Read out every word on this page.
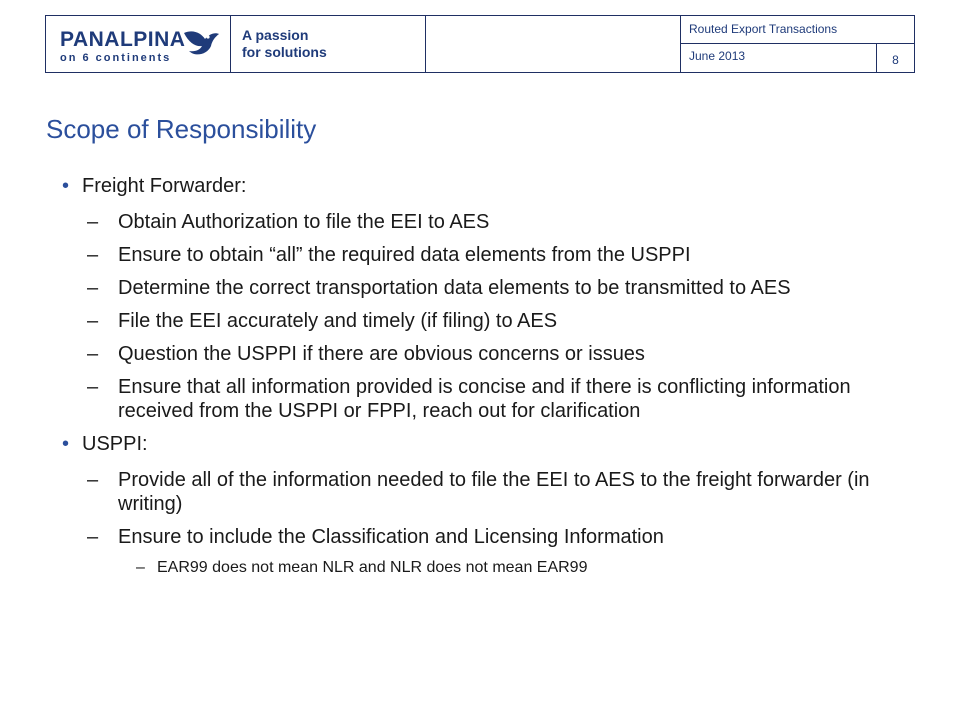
PANALPINA
on 6 continents
A passion
for solutions
Routed Export Transactions
June 2013	8
Scope of Responsibility
• Freight Forwarder:
– Obtain Authorization to file the EEI to AES
– Ensure to obtain “all” the required data elements from the USPPI
– Determine the correct transportation data elements to be transmitted to AES
– File the EEI accurately and timely (if filing) to AES
– Question the USPPI if there are obvious concerns or issues
– Ensure that all information provided is concise and if there is conflicting information received from the USPPI or FPPI, reach out for clarification
• USPPI:
– Provide all of the information needed to file the EEI to AES to the freight forwarder (in writing)
– Ensure to include the Classification and Licensing Information
– EAR99 does not mean NLR and NLR does not mean EAR99
